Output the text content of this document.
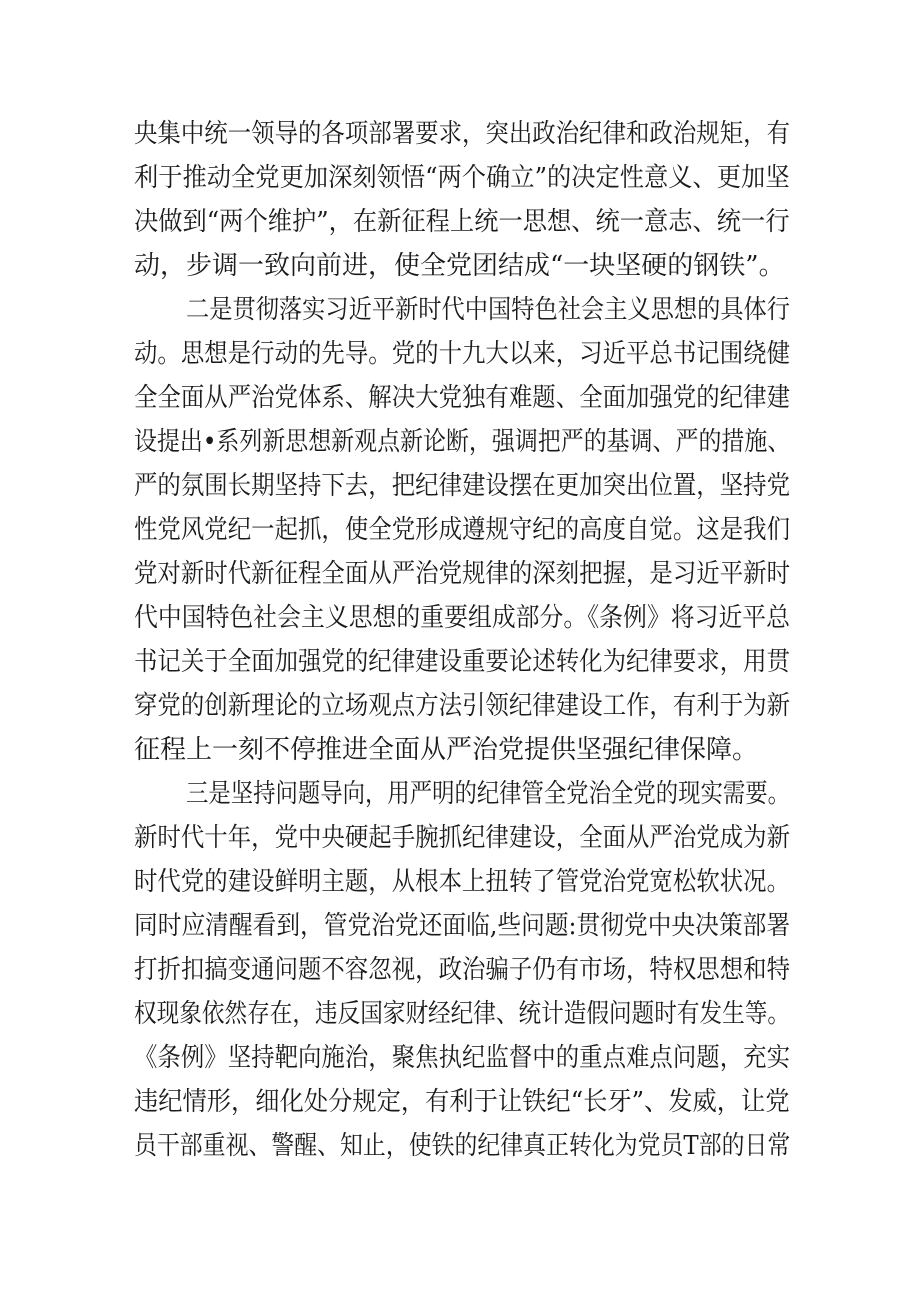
央集中统一领导的各项部署要求，突出政治纪律和政治规矩，有
利于推动全党更加深刻领悟“两个确立”的决定性意义、更加坚
决做到“两个维护”，在新征程上统一思想、统一意志、统一行
动，步调一致向前进，使全党团结成“一块坚硬的钢铁”。
二是贯彻落实习近平新时代中国特色社会主义思想的具体行
动。思想是行动的先导。党的十九大以来，习近平总书记围绕健
全全面从严治党体系、解决大党独有难题、全面加强党的纪律建
设提出•系列新思想新观点新论断，强调把严的基调、严的措施、
严的氛围长期坚持下去，把纪律建设摆在更加突出位置，坚持党
性党风党纪一起抓，使全党形成遵规守纪的高度自觉。这是我们
党对新时代新征程全面从严治党规律的深刻把握，是习近平新时
代中国特色社会主义思想的重要组成部分。《条例》将习近平总
书记关于全面加强党的纪律建设重要论述转化为纪律要求，用贯
穿党的创新理论的立场观点方法引领纪律建设工作，有利于为新
征程上一刻不停推进全面从严治党提供坚强纪律保障。
三是坚持问题导向，用严明的纪律管全党治全党的现实需要。
新时代十年，党中央硬起手腕抓纪律建设，全面从严治党成为新
时代党的建设鲜明主题，从根本上扭转了管党治党宽松软状况。
同时应清醒看到，管党治党还面临,些问题:贯彻党中央决策部署
打折扣搞变通问题不容忽视，政治骗子仍有市场，特权思想和特
权现象依然存在，违反国家财经纪律、统计造假问题时有发生等。
《条例》坚持靶向施治，聚焦执纪监督中的重点难点问题，充实
违纪情形，细化处分规定，有利于让铁纪“长牙”、发威，让党
员干部重视、警醒、知止，使铁的纪律真正转化为党员T部的日常
